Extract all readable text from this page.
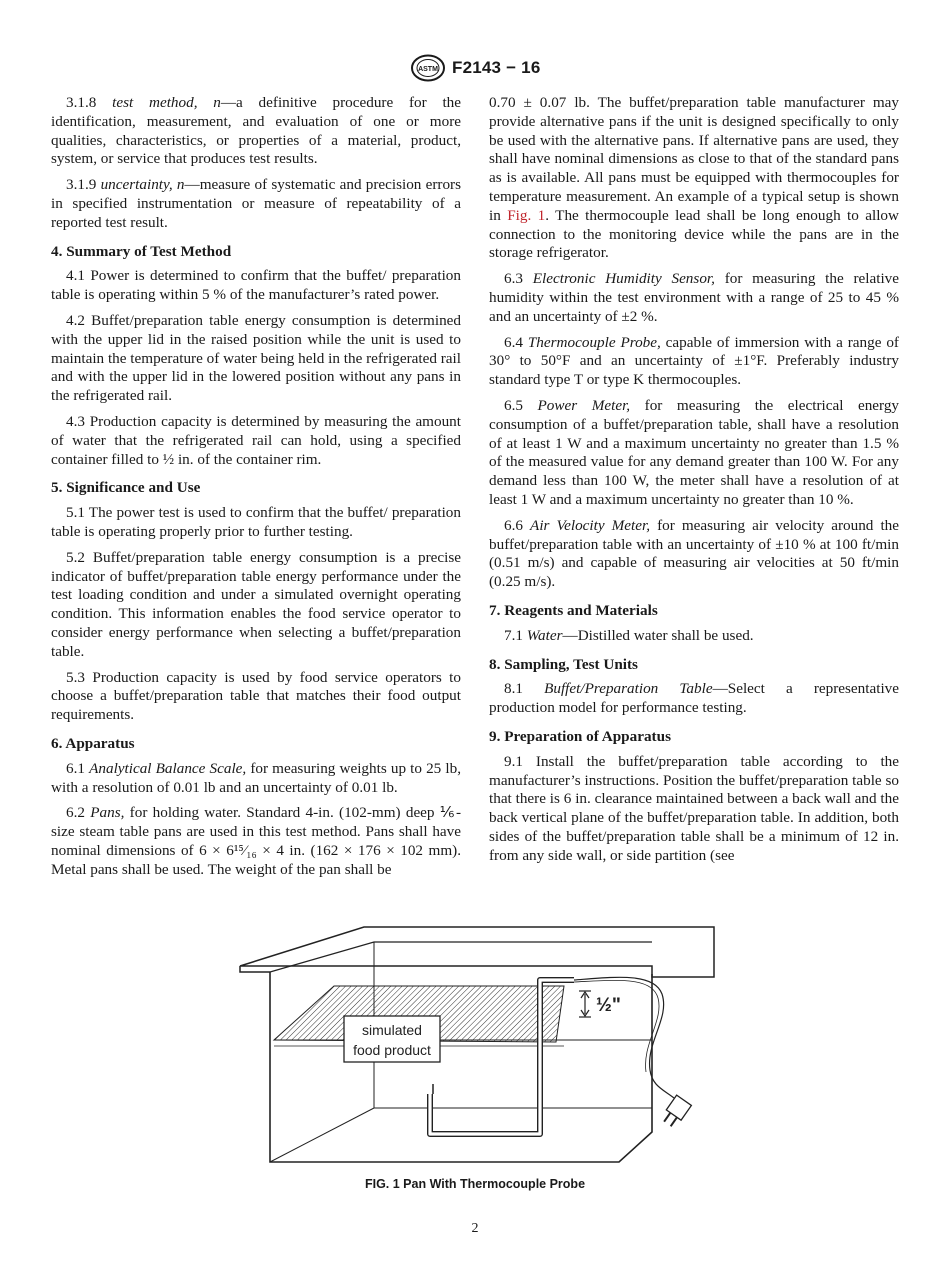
ASTM F2143 − 16

3.1.8 test method, n—a definitive procedure for the identification, measurement, and evaluation of one or more qualities, characteristics, or properties of a material, product, system, or service that produces test results.

3.1.9 uncertainty, n—measure of systematic and precision errors in specified instrumentation or measure of repeatability of a reported test result.

4. Summary of Test Method

4.1 Power is determined to confirm that the buffet/ preparation table is operating within 5 % of the manufacturer’s rated power.

4.2 Buffet/preparation table energy consumption is determined with the upper lid in the raised position while the unit is used to maintain the temperature of water being held in the refrigerated rail and with the upper lid in the lowered position without any pans in the refrigerated rail.

4.3 Production capacity is determined by measuring the amount of water that the refrigerated rail can hold, using a specified container filled to ½ in. of the container rim.

5. Significance and Use

5.1 The power test is used to confirm that the buffet/ preparation table is operating properly prior to further testing.

5.2 Buffet/preparation table energy consumption is a precise indicator of buffet/preparation table energy performance under the test loading condition and under a simulated overnight operating condition. This information enables the food service operator to consider energy performance when selecting a buffet/preparation table.

5.3 Production capacity is used by food service operators to choose a buffet/preparation table that matches their food output requirements.

6. Apparatus

6.1 Analytical Balance Scale, for measuring weights up to 25 lb, with a resolution of 0.01 lb and an uncertainty of 0.01 lb.

6.2 Pans, for holding water. Standard 4-in. (102-mm) deep ⅙-size steam table pans are used in this test method. Pans shall have nominal dimensions of 6 × 6¹⁵⁄₁₆ × 4 in. (162 × 176 × 102 mm). Metal pans shall be used. The weight of the pan shall be

0.70 ± 0.07 lb. The buffet/preparation table manufacturer may provide alternative pans if the unit is designed specifically to only be used with the alternative pans. If alternative pans are used, they shall have nominal dimensions as close to that of the standard pans as is available. All pans must be equipped with thermocouples for temperature measurement. An example of a typical setup is shown in Fig. 1. The thermocouple lead shall be long enough to allow connection to the monitoring device while the pans are in the storage refrigerator.

6.3 Electronic Humidity Sensor, for measuring the relative humidity within the test environment with a range of 25 to 45 % and an uncertainty of ±2 %.

6.4 Thermocouple Probe, capable of immersion with a range of 30° to 50°F and an uncertainty of ±1°F. Preferably industry standard type T or type K thermocouples.

6.5 Power Meter, for measuring the electrical energy consumption of a buffet/preparation table, shall have a resolution of at least 1 W and a maximum uncertainty no greater than 1.5 % of the measured value for any demand greater than 100 W. For any demand less than 100 W, the meter shall have a resolution of at least 1 W and a maximum uncertainty no greater than 10 %.

6.6 Air Velocity Meter, for measuring air velocity around the buffet/preparation table with an uncertainty of ±10 % at 100 ft/min (0.51 m/s) and capable of measuring air velocities at 50 ft/min (0.25 m/s).

7. Reagents and Materials

7.1 Water—Distilled water shall be used.

8. Sampling, Test Units

8.1 Buffet/Preparation Table—Select a representative production model for performance testing.

9. Preparation of Apparatus

9.1 Install the buffet/preparation table according to the manufacturer’s instructions. Position the buffet/preparation table so that there is 6 in. clearance maintained between a back wall and the back vertical plane of the buffet/preparation table. In addition, both sides of the buffet/preparation table shall be a minimum of 12 in. from any side wall, or side partition (see

simulated
food product
½"
FIG. 1 Pan With Thermocouple Probe
2
